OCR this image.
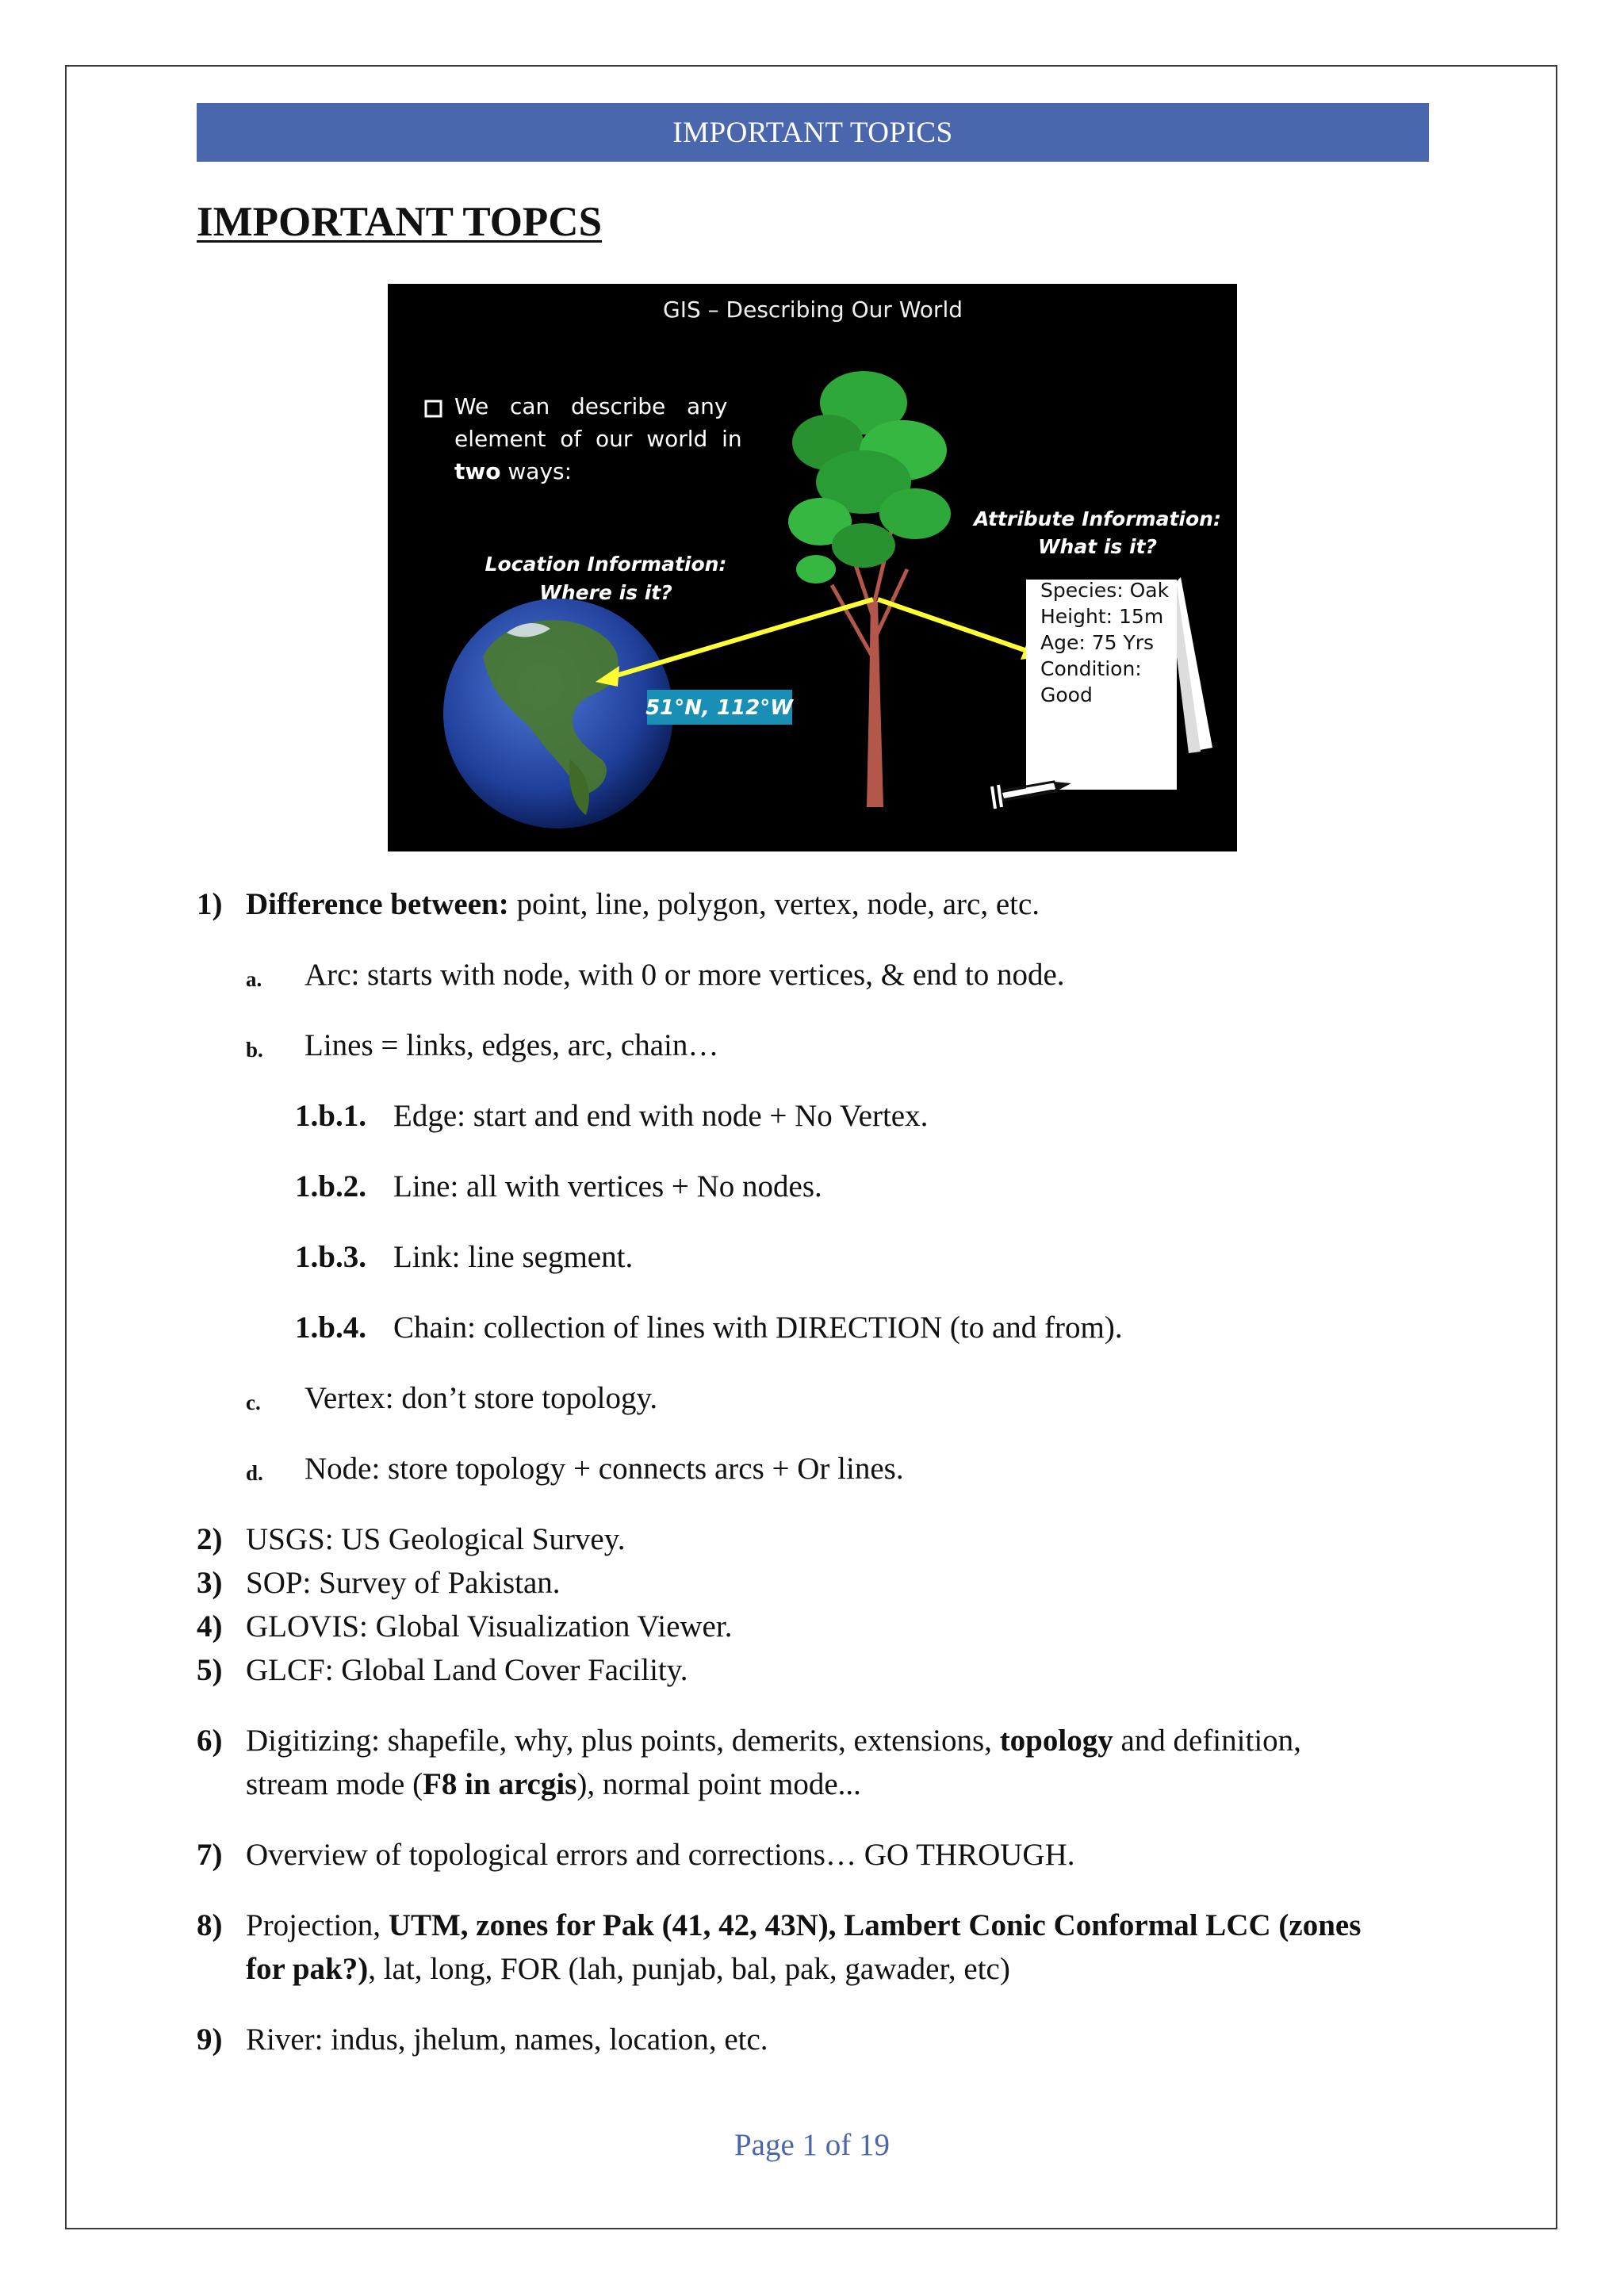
IMPORTANT TOPICS
IMPORTANT TOPCS
GIS – Describing Our World
We   can   describe   any
element  of  our  world  in
two ways:
Location Information:
Where is it?
Attribute Information:
What is it?
51°N, 112°W
Species: Oak
Height: 15m
Age: 75 Yrs
Condition:
Good
1) Difference between: point, line, polygon, vertex, node, arc, etc.
a. Arc: starts with node, with 0 or more vertices, & end to node.
b. Lines = links, edges, arc, chain…
1.b.1. Edge: start and end with node + No Vertex.
1.b.2. Line: all with vertices + No nodes.
1.b.3. Link: line segment.
1.b.4. Chain: collection of lines with DIRECTION (to and from).
c. Vertex: don’t store topology.
d. Node: store topology + connects arcs + Or lines.
2) USGS: US Geological Survey.
3) SOP: Survey of Pakistan.
4) GLOVIS: Global Visualization Viewer.
5) GLCF: Global Land Cover Facility.
6) Digitizing: shapefile, why, plus points, demerits, extensions, topology and definition,
stream mode (F8 in arcgis), normal point mode...
7) Overview of topological errors and corrections… GO THROUGH.
8) Projection, UTM, zones for Pak (41, 42, 43N), Lambert Conic Conformal LCC (zones
for pak?), lat, long, FOR (lah, punjab, bal, pak, gawader, etc)
9) River: indus, jhelum, names, location, etc.
Page 1 of 19
